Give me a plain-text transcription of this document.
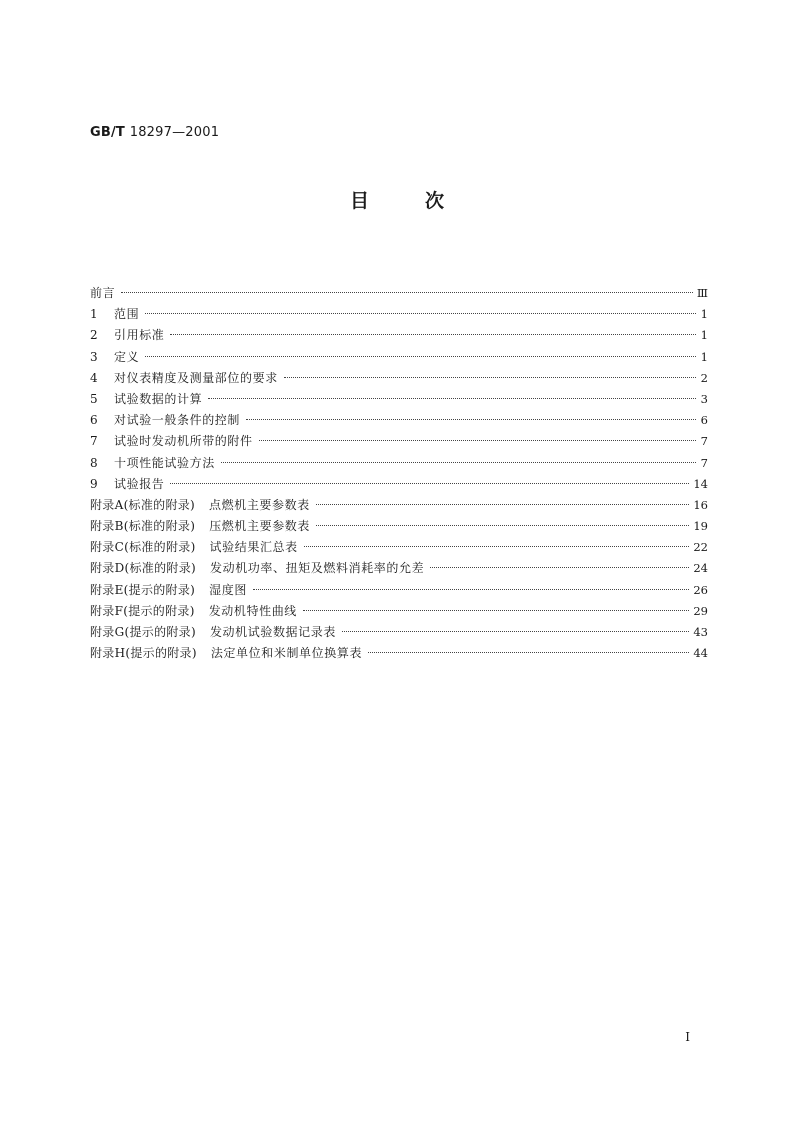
GB/T 18297—2001
目次
前言	Ⅲ
1	范围	1
2	引用标准	1
3	定义	1
4	对仪表精度及测量部位的要求	2
5	试验数据的计算	3
6	对试验一般条件的控制	6
7	试验时发动机所带的附件	7
8	十项性能试验方法	7
9	试验报告	14
附录A(标准的附录) 点燃机主要参数表	16
附录B(标准的附录) 压燃机主要参数表	19
附录C(标准的附录) 试验结果汇总表	22
附录D(标准的附录) 发动机功率、扭矩及燃料消耗率的允差	24
附录E(提示的附录) 湿度图	26
附录F(提示的附录) 发动机特性曲线	29
附录G(提示的附录) 发动机试验数据记录表	43
附录H(提示的附录) 法定单位和米制单位换算表	44
I
